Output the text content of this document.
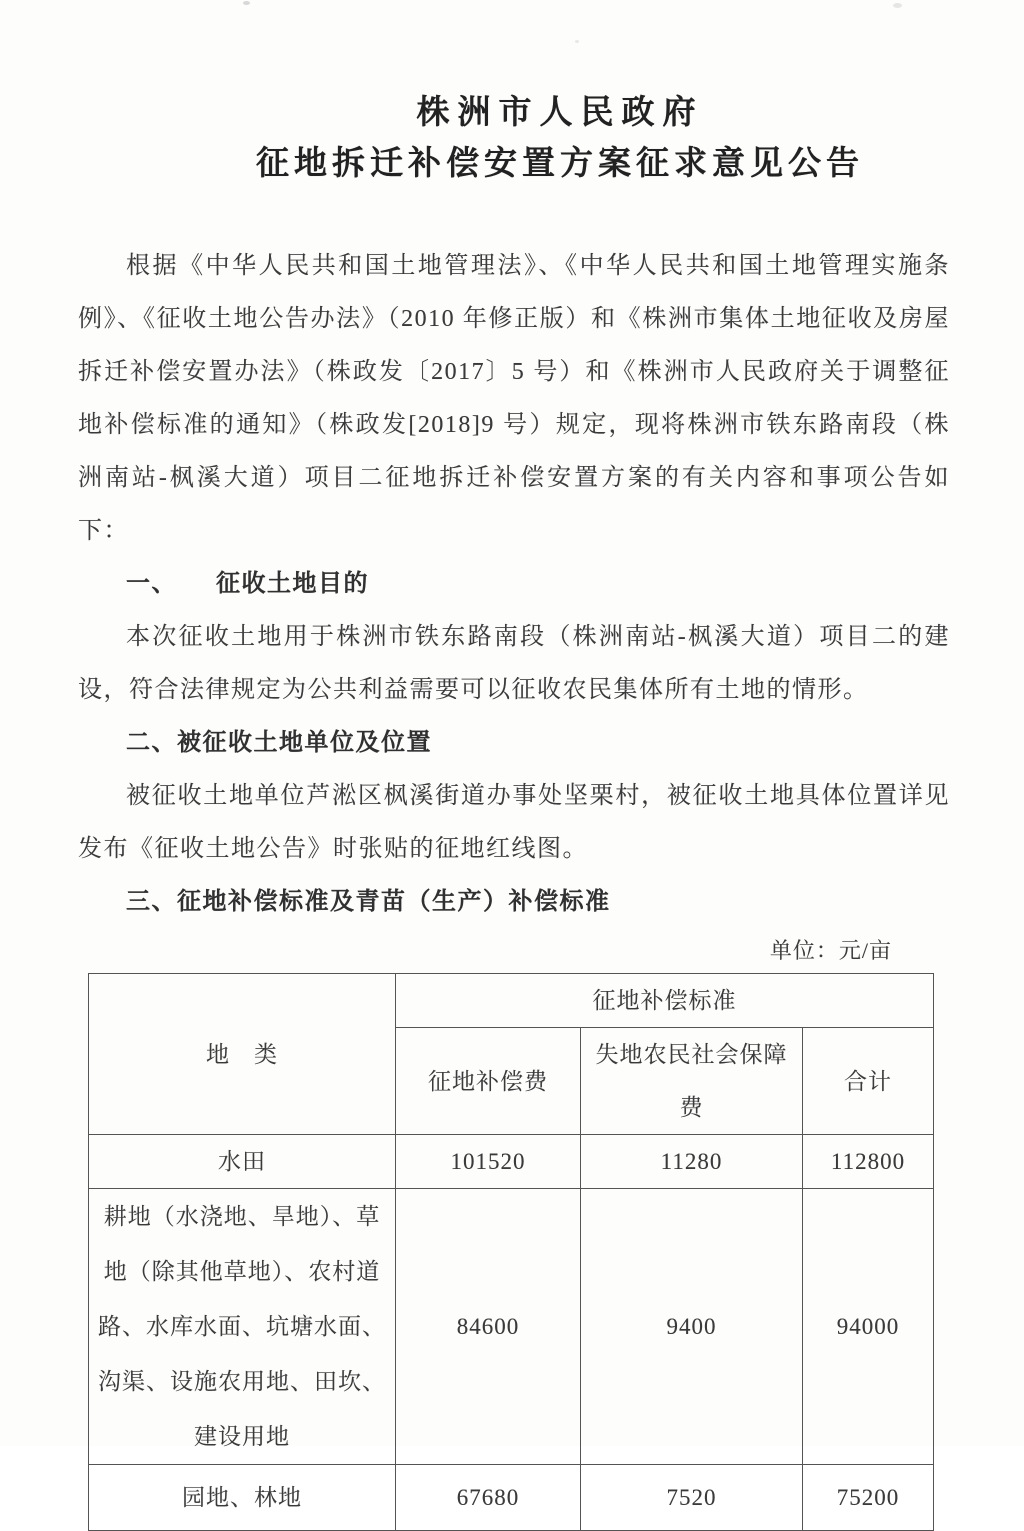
株洲市人民政府
征地拆迁补偿安置方案征求意见公告

根据《中华人民共和国土地管理法》、《中华人民共和国土地管理实施条例》、《征收土地公告办法》（2010 年修正版）和《株洲市集体土地征收及房屋拆迁补偿安置办法》（株政发〔2017〕5 号）和《株洲市人民政府关于调整征地补偿标准的通知》（株政发[2018]9 号）规定，现将株洲市铁东路南段（株洲南站-枫溪大道）项目二征地拆迁补偿安置方案的有关内容和事项公告如下：

一、　　征收土地目的

本次征收土地用于株洲市铁东路南段（株洲南站-枫溪大道）项目二的建设，符合法律规定为公共利益需要可以征收农民集体所有土地的情形。

二、被征收土地单位及位置

被征收土地单位芦淞区枫溪街道办事处坚栗村，被征收土地具体位置详见发布《征收土地公告》时张贴的征地红线图。

三、征地补偿标准及青苗（生产）补偿标准
单位：元/亩
地　类	征地补偿标准		
	征地补偿费	失地农民社会保障费	合计
水田	101520	11280	112800
耕地（水浇地、旱地）、草地（除其他草地）、农村道路、水库水面、坑塘水面、沟渠、设施农用地、田坎、建设用地	84600	9400	94000
园地、林地	67680	7520	75200
